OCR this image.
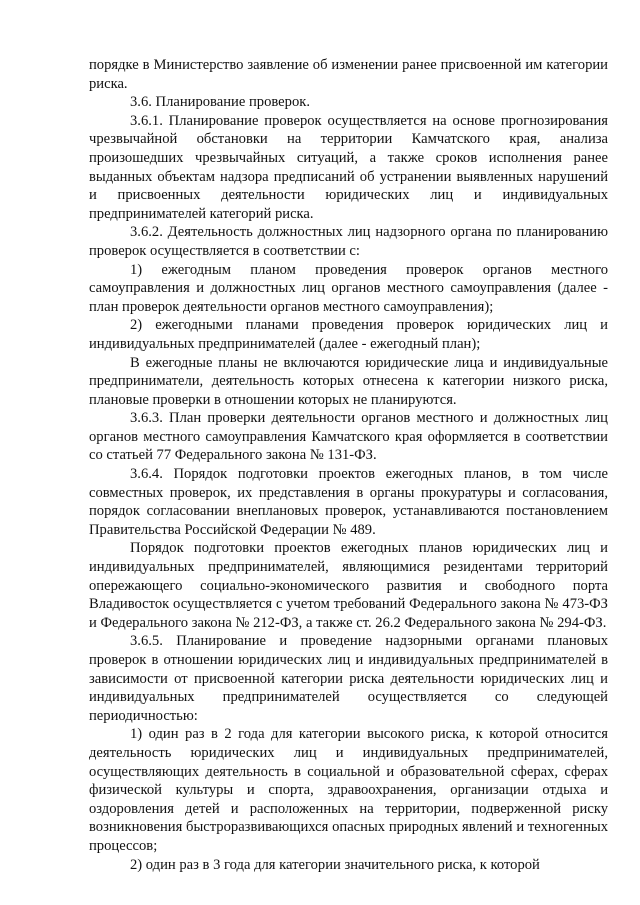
порядке в Министерство заявление об изменении ранее присвоенной им категории риска.

3.6. Планирование проверок.

3.6.1. Планирование проверок осуществляется на основе прогнозирования чрезвычайной обстановки на территории Камчатского края, анализа произошедших чрезвычайных ситуаций, а также сроков исполнения ранее выданных объектам надзора предписаний об устранении выявленных нарушений и присвоенных деятельности юридических лиц и индивидуальных предпринимателей категорий риска.

3.6.2. Деятельность должностных лиц надзорного органа по планированию проверок осуществляется в соответствии с:

1) ежегодным планом проведения проверок органов местного самоуправления и должностных лиц органов местного самоуправления (далее - план проверок деятельности органов местного самоуправления);

2) ежегодными планами проведения проверок юридических лиц и индивидуальных предпринимателей (далее - ежегодный план);

В ежегодные планы не включаются юридические лица и индивидуальные предприниматели, деятельность которых отнесена к категории низкого риска, плановые проверки в отношении которых не планируются.

3.6.3. План проверки деятельности органов местного и должностных лиц органов местного самоуправления Камчатского края оформляется в соответствии со статьей 77 Федерального закона № 131-ФЗ.

3.6.4. Порядок подготовки проектов ежегодных планов, в том числе совместных проверок, их представления в органы прокуратуры и согласования, порядок согласовании внеплановых проверок, устанавливаются постановлением Правительства Российской Федерации № 489.

Порядок подготовки проектов ежегодных планов юридических лиц и индивидуальных предпринимателей, являющимися резидентами территорий опережающего социально-экономического развития и свободного порта Владивосток осуществляется с учетом требований Федерального закона № 473-ФЗ и Федерального закона № 212-ФЗ, а также ст. 26.2 Федерального закона № 294-ФЗ.

3.6.5. Планирование и проведение надзорными органами плановых проверок в отношении юридических лиц и индивидуальных предпринимателей в зависимости от присвоенной категории риска деятельности юридических лиц и индивидуальных предпринимателей осуществляется со следующей периодичностью:

1) один раз в 2 года для категории высокого риска, к которой относится деятельность юридических лиц и индивидуальных предпринимателей, осуществляющих деятельность в социальной и образовательной сферах, сферах физической культуры и спорта, здравоохранения, организации отдыха и оздоровления детей и расположенных на территории, подверженной риску возникновения быстроразвивающихся опасных природных явлений и техногенных процессов;

2) один раз в 3 года для категории значительного риска, к которой
